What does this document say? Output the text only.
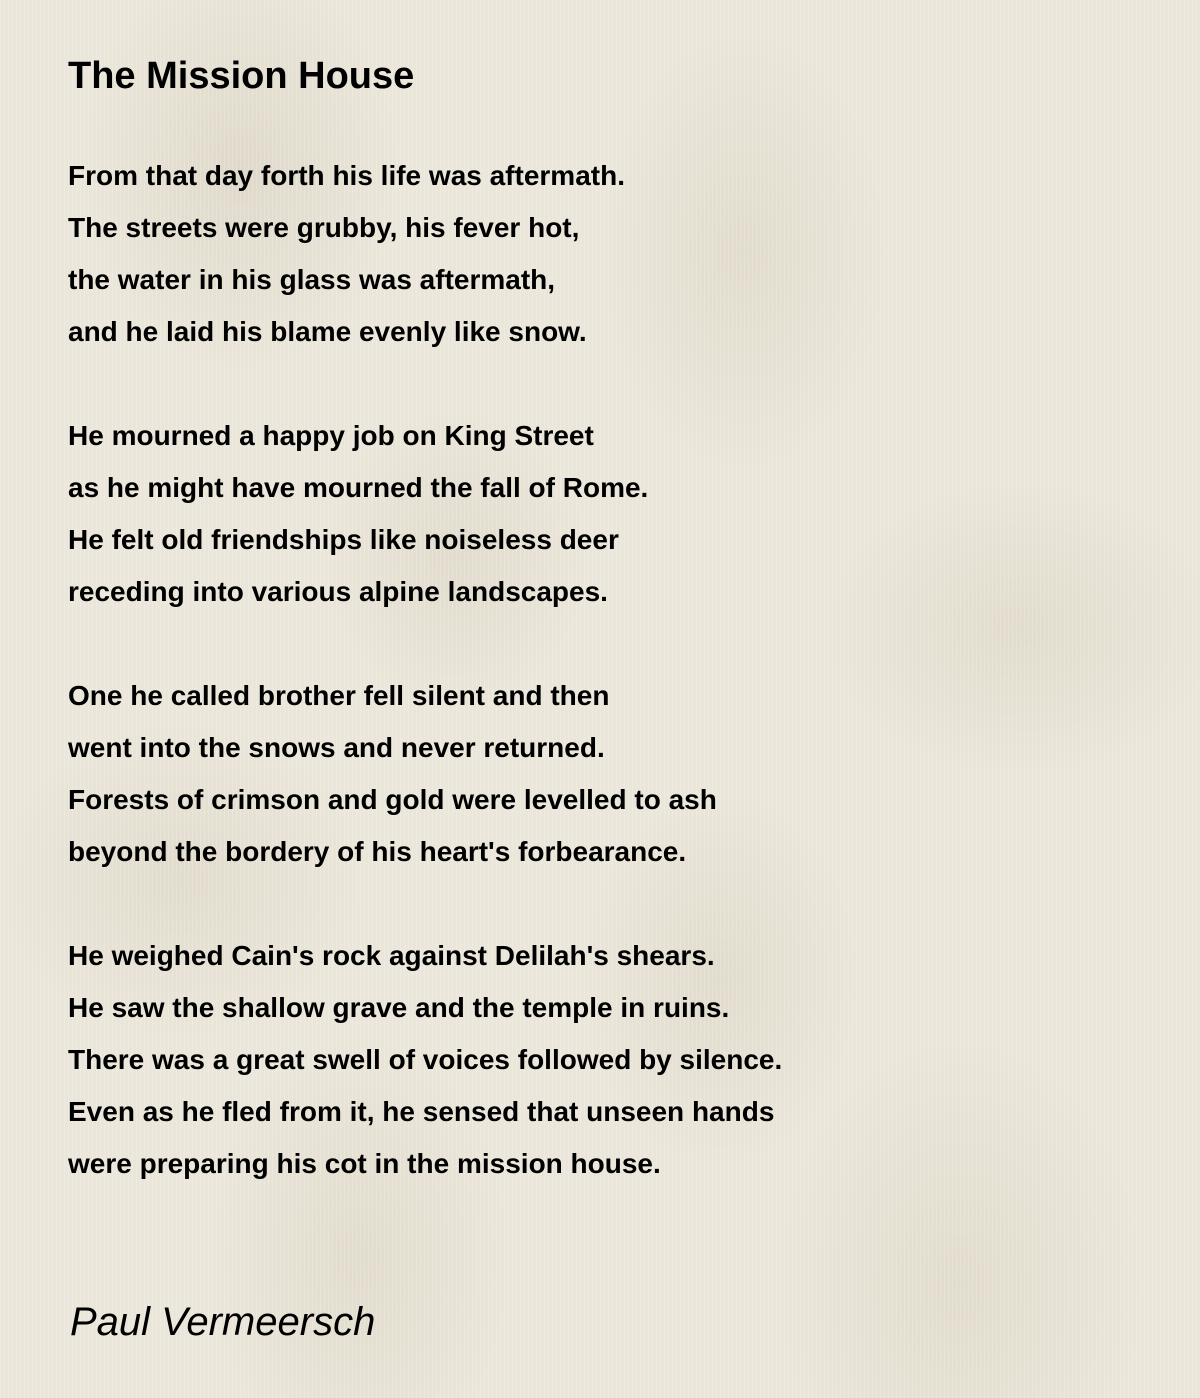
The Mission House
From that day forth his life was aftermath.
The streets were grubby, his fever hot,
the water in his glass was aftermath,
and he laid his blame evenly like snow.
He mourned a happy job on King Street
as he might have mourned the fall of Rome.
He felt old friendships like noiseless deer
receding into various alpine landscapes.
One he called brother fell silent and then
went into the snows and never returned.
Forests of crimson and gold were levelled to ash
beyond the bordery of his heart's forbearance.
He weighed Cain's rock against Delilah's shears.
He saw the shallow grave and the temple in ruins.
There was a great swell of voices followed by silence.
Even as he fled from it, he sensed that unseen hands
were preparing his cot in the mission house.

Paul Vermeersch
